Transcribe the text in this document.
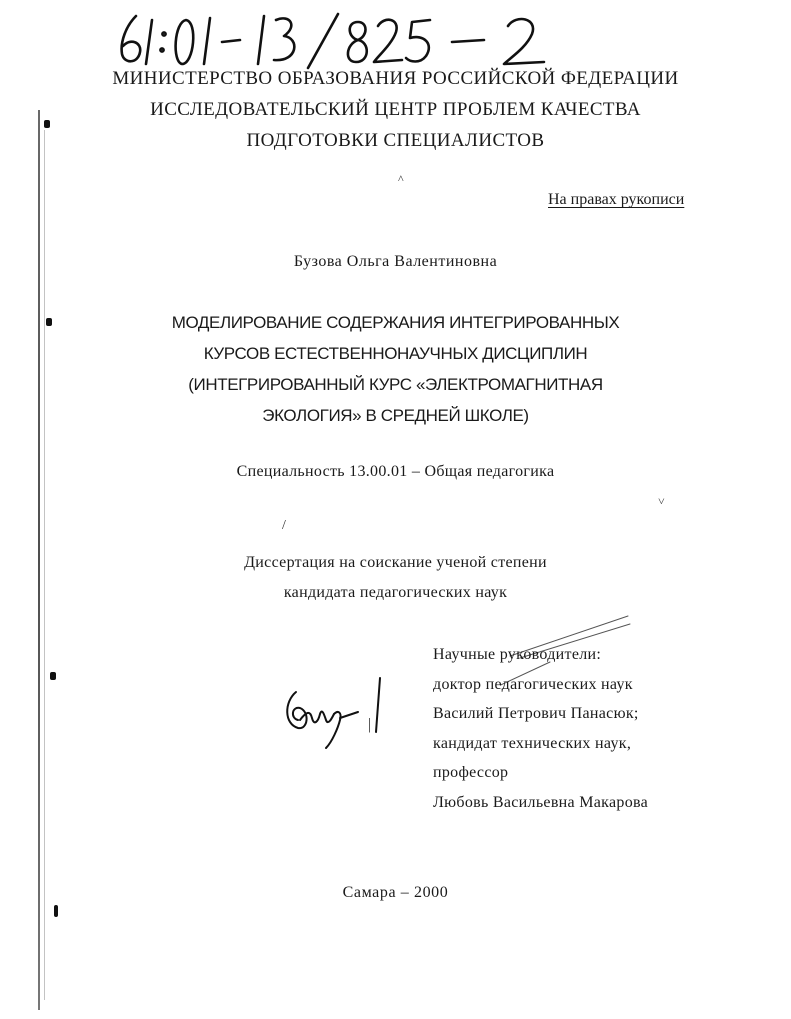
МИНИСТЕРСТВО ОБРАЗОВАНИЯ РОССИЙСКОЙ ФЕДЕРАЦИИ
ИССЛЕДОВАТЕЛЬСКИЙ ЦЕНТР ПРОБЛЕМ КАЧЕСТВА
ПОДГОТОВКИ СПЕЦИАЛИСТОВ
^
На правах рукописи
Бузова Ольга Валентиновна
МОДЕЛИРОВАНИЕ СОДЕРЖАНИЯ ИНТЕГРИРОВАННЫХ
КУРСОВ ЕСТЕСТВЕННОНАУЧНЫХ ДИСЦИПЛИН
(ИНТЕГРИРОВАННЫЙ КУРС «ЭЛЕКТРОМАГНИТНАЯ
ЭКОЛОГИЯ» В СРЕДНЕЙ ШКОЛЕ)
Специальность 13.00.01 – Общая педагогика
˅
/
Диссертация на соискание ученой степени
кандидата педагогических наук
Научные руководители:
доктор педагогических наук
Василий Петрович Панасюк;
кандидат технических наук,
профессор
Любовь Васильевна Макарова
|
Самара – 2000
